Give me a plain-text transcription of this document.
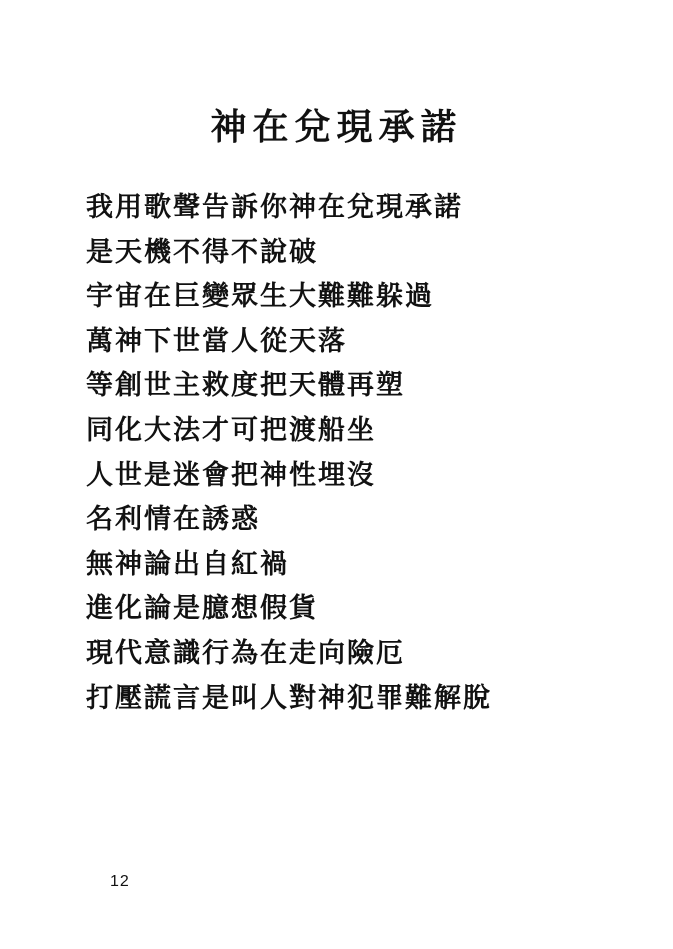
神在兌現承諾
我用歌聲告訴你神在兌現承諾
是天機不得不說破
宇宙在巨變眾生大難難躲過
萬神下世當人從天落
等創世主救度把天體再塑
同化大法才可把渡船坐
人世是迷會把神性埋沒
名利情在誘惑
無神論出自紅禍
進化論是臆想假貨
現代意識行為在走向險厄
打壓謊言是叫人對神犯罪難解脫
12
